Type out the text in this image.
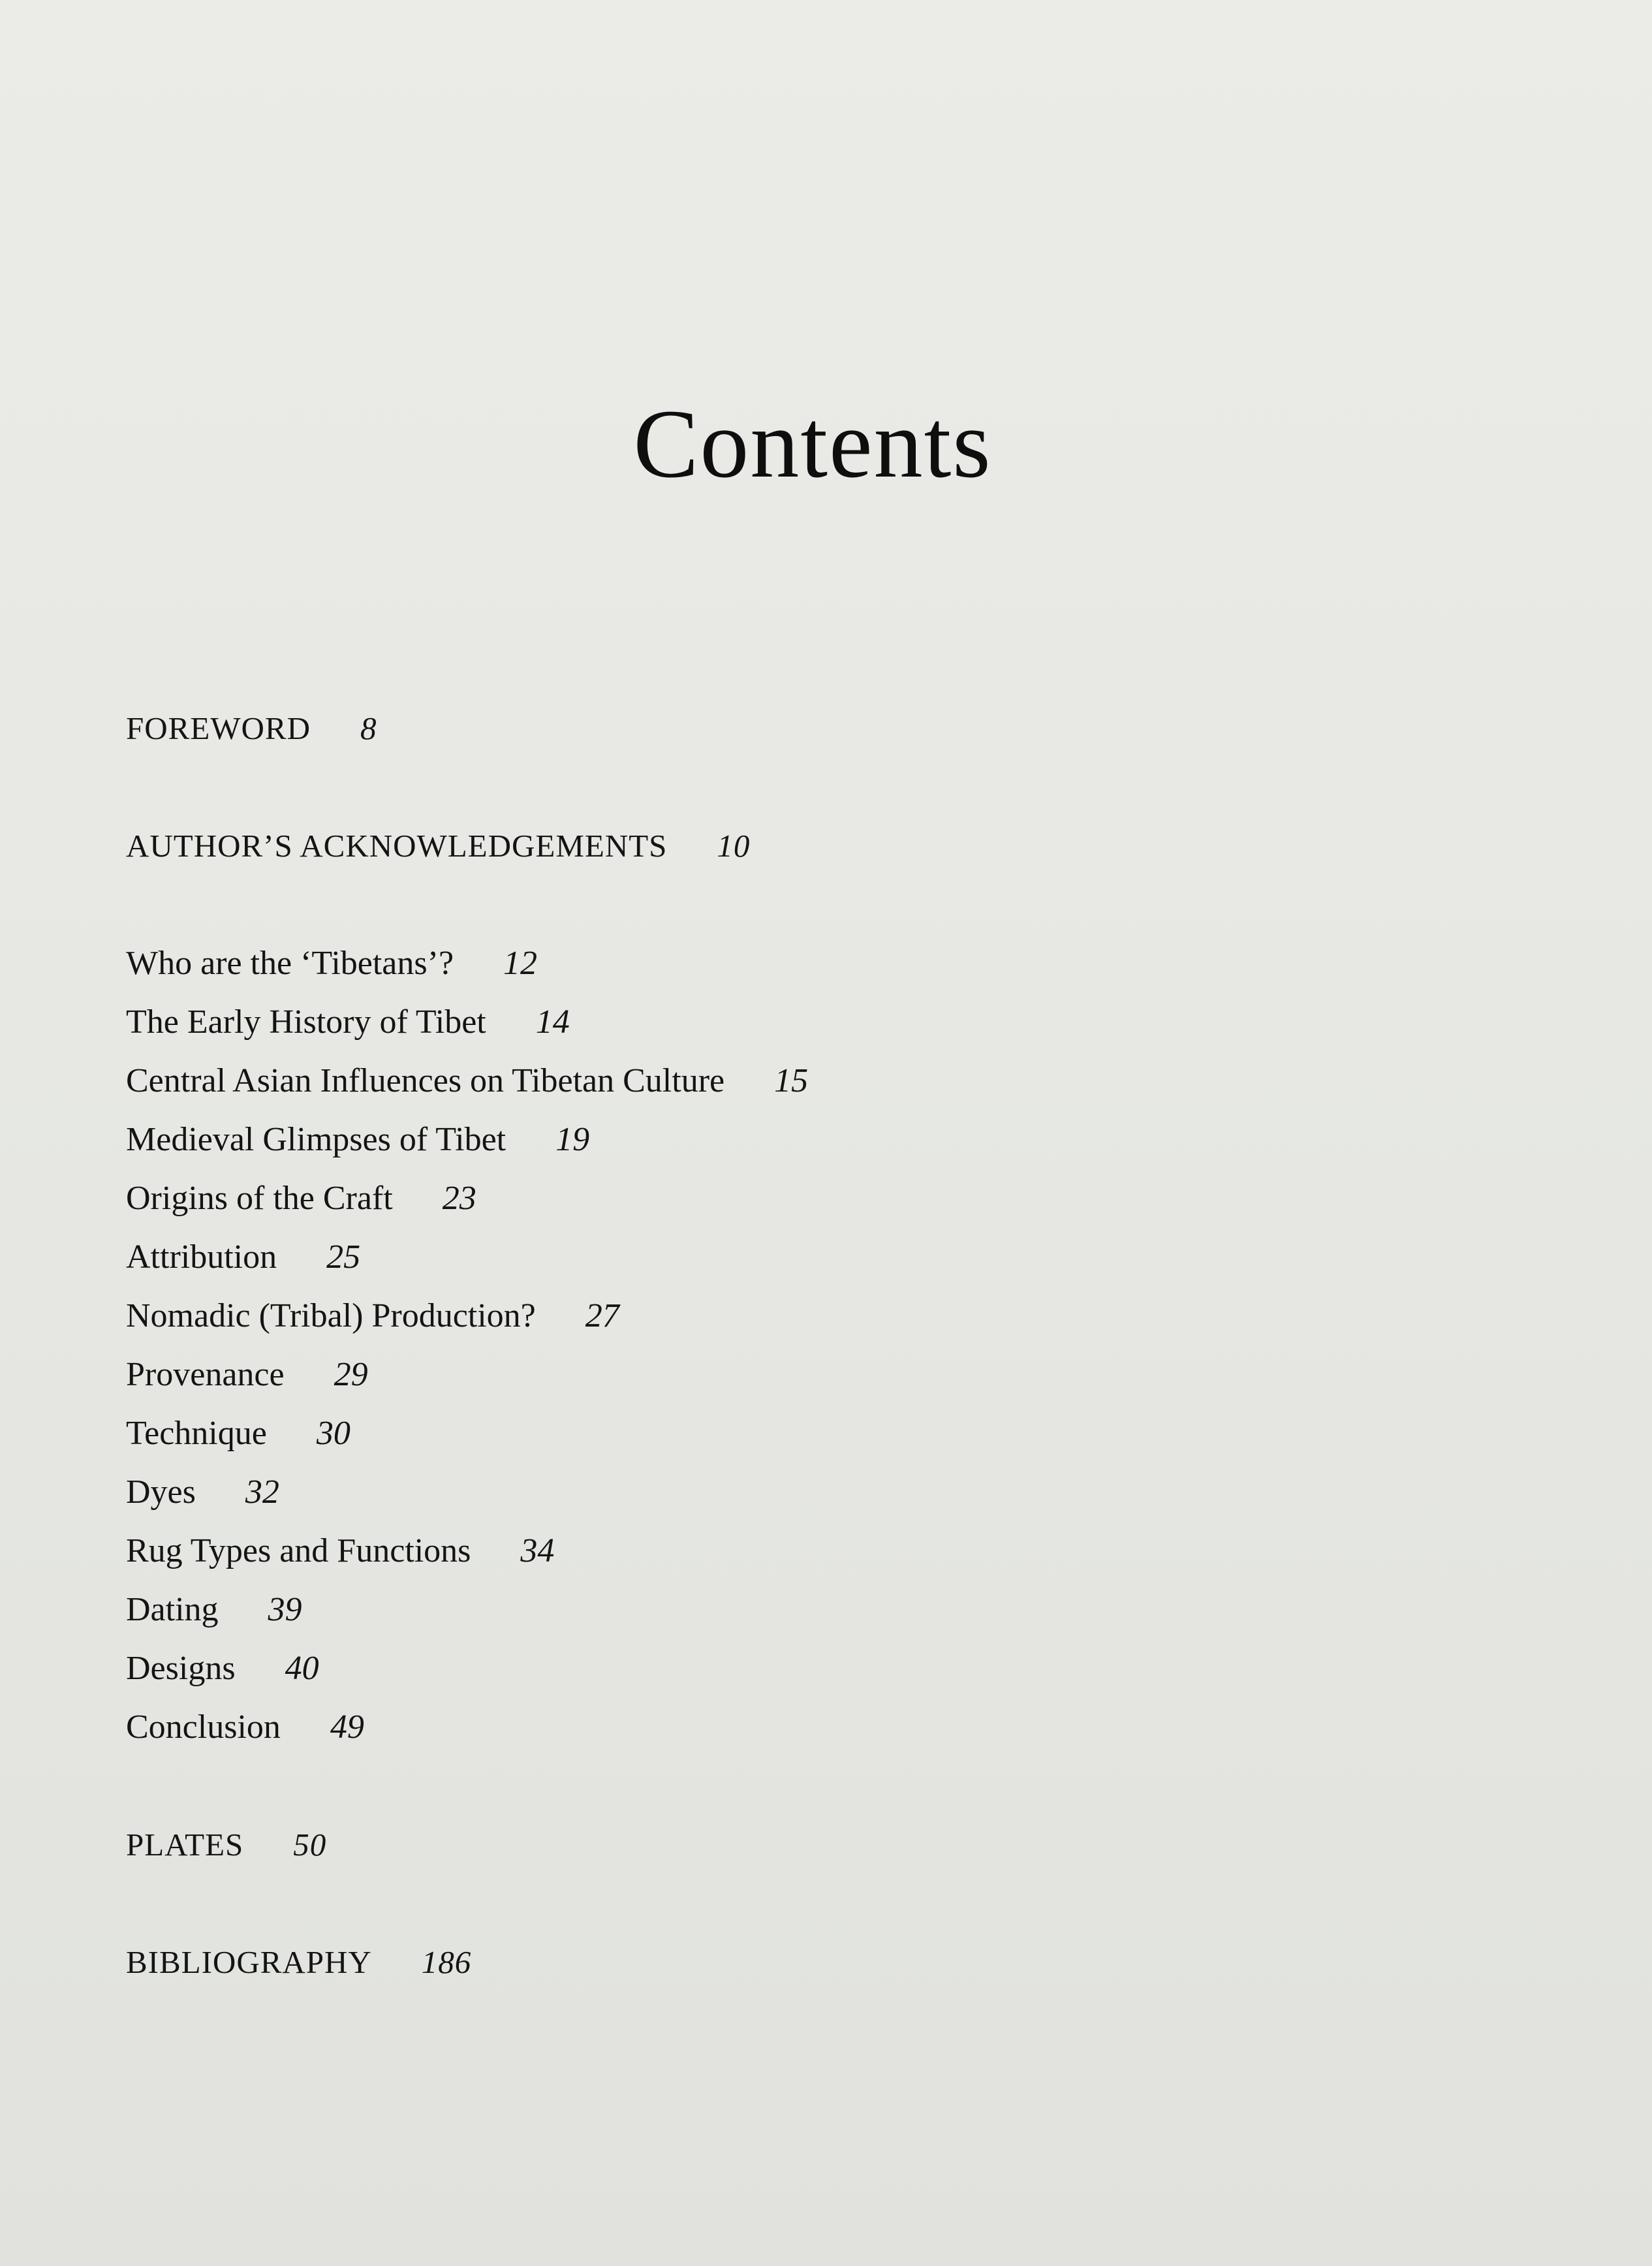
Contents
FOREWORD 8
AUTHOR’S ACKNOWLEDGEMENTS 10
Who are the ‘Tibetans’? 12
The Early History of Tibet 14
Central Asian Influences on Tibetan Culture 15
Medieval Glimpses of Tibet 19
Origins of the Craft 23
Attribution 25
Nomadic (Tribal) Production? 27
Provenance 29
Technique 30
Dyes 32
Rug Types and Functions 34
Dating 39
Designs 40
Conclusion 49
PLATES 50
BIBLIOGRAPHY 186
